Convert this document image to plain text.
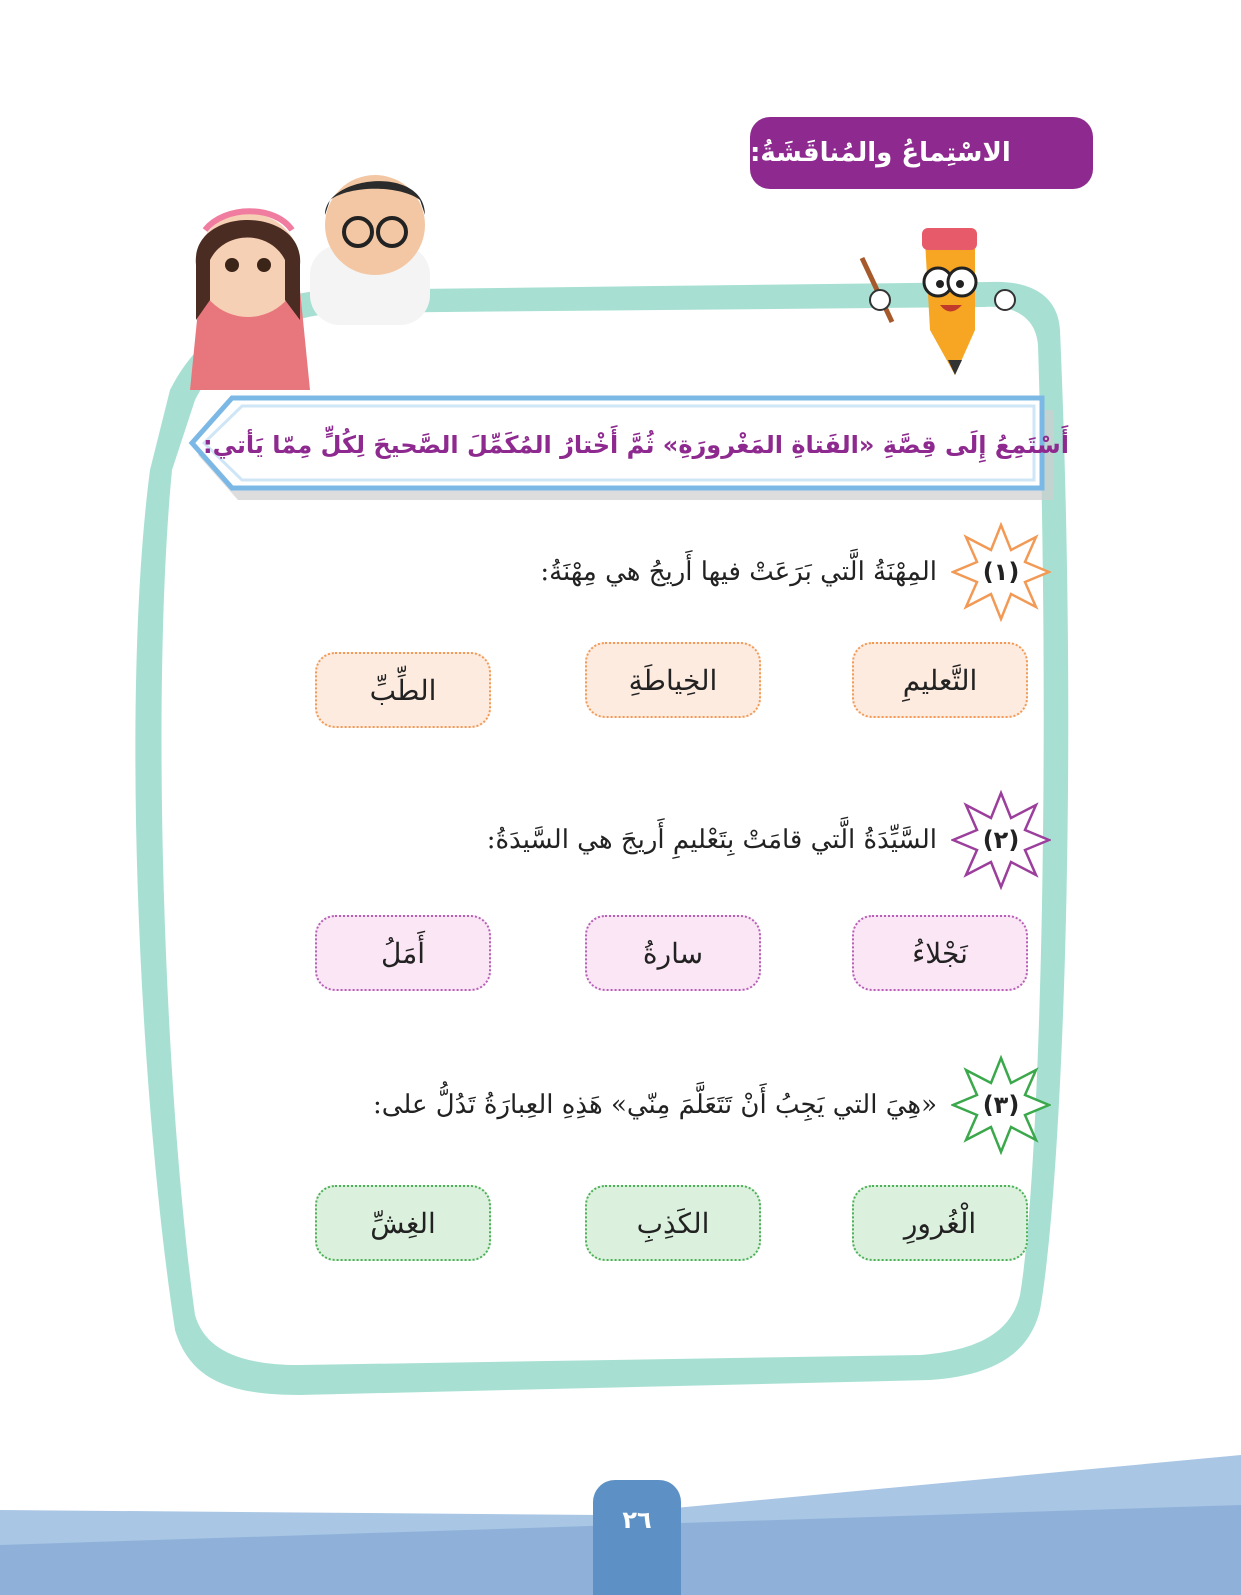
الاسْتِماعُ والمُناقَشَةُ:
أَسْتَمِعُ إِلَى قِصَّةِ «الفَتاةِ المَغْرورَةِ» ثُمَّ أَخْتارُ المُكَمِّلَ الصَّحيحَ لِكُلٍّ مِمّا يَأتي:
(١)
المِهْنَةُ الَّتي بَرَعَتْ فيها أَريجُ هي مِهْنَةُ:
التَّعليمِ
الخِياطَةِ
الطِّبِّ
(٢)
السَّيِّدَةُ الَّتي قامَتْ بِتَعْليمِ أَريجَ هي السَّيدَةُ:
نَجْلاءُ
سارةُ
أَمَلُ
(٣)
«هِيَ التي يَجِبُ أَنْ تَتَعَلَّمَ مِنّي» هَذِهِ العِبارَةُ تَدُلُّ على:
الْغُرورِ
الكَذِبِ
الغِشِّ
٢٦
